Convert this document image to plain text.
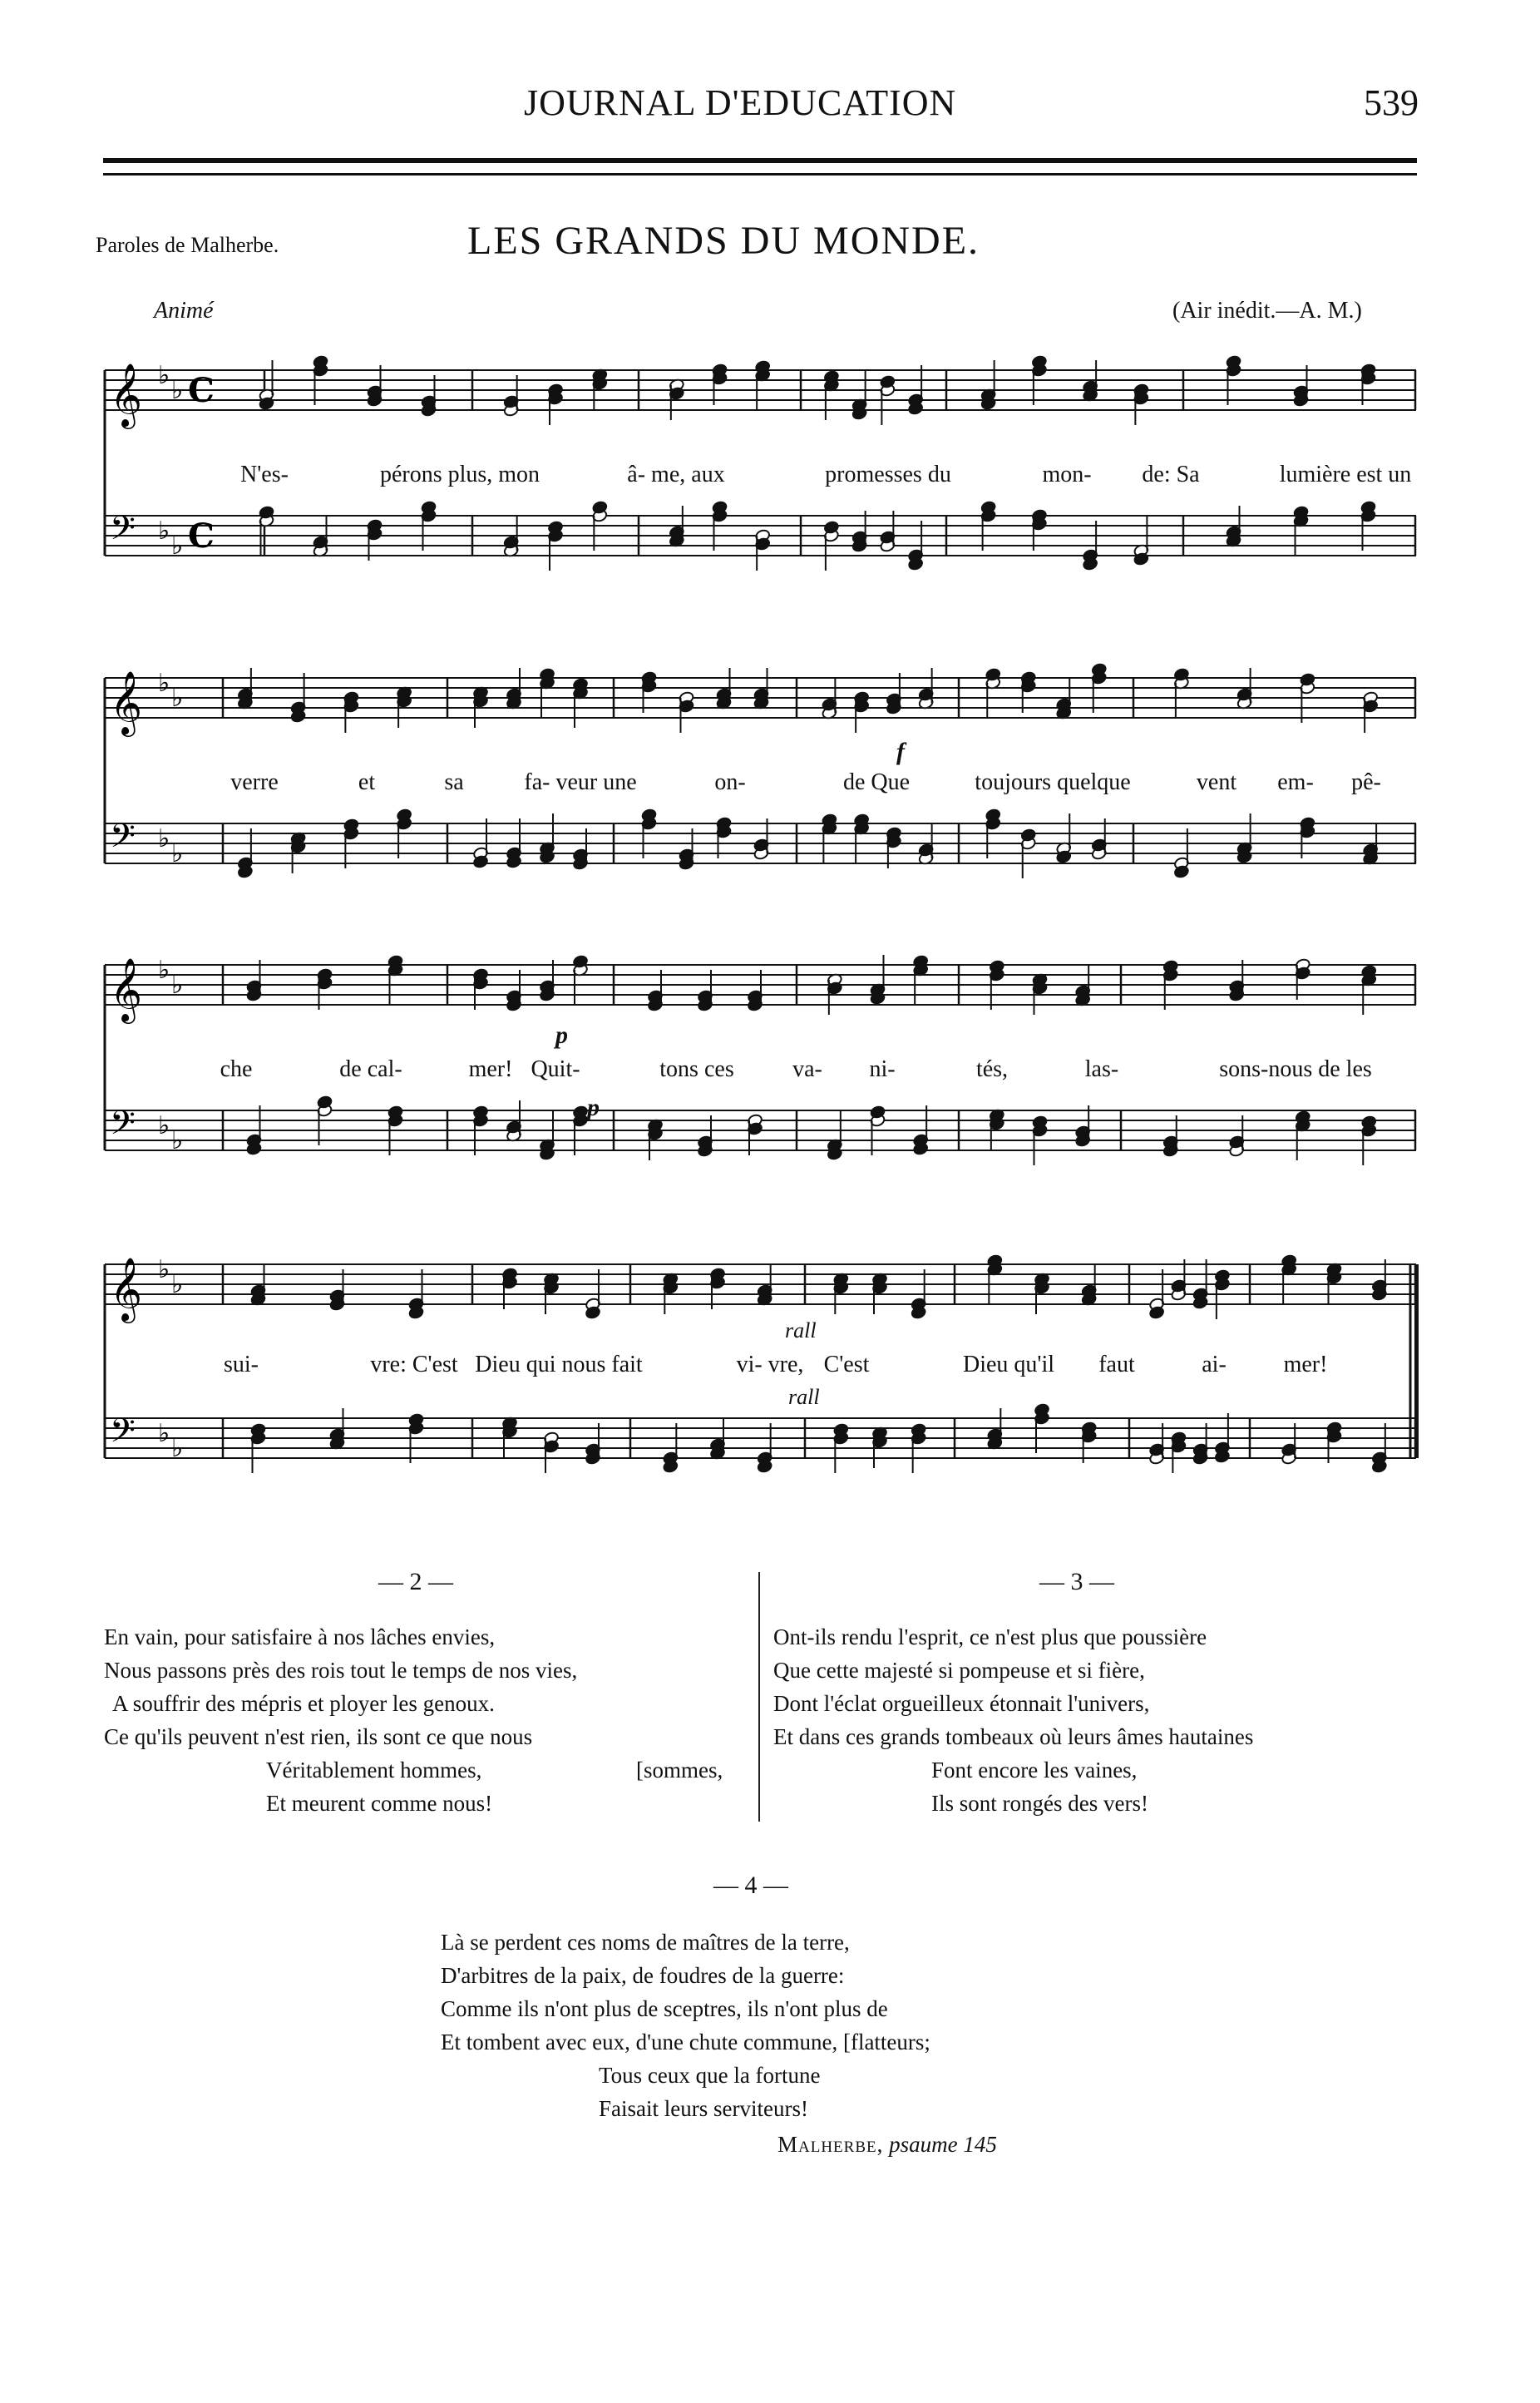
JOURNAL D'EDUCATION	539
Paroles de Malherbe.	LES GRANDS DU MONDE.
Animé	(Air inédit.—A. M.)
𝄞 ♭
♭ C
𝄢 ♭
♭ C
N'es-	pérons plus, mon	â- me, aux	promesses du	mon- de: Sa	lumière est un
𝄞 ♭
♭
𝄢 ♭
♭
verre	et	sa	fa- veur une	on-	de Que	toujours quelque	vent em- pê-
f
𝄞 ♭
♭
𝄢 ♭
♭
che	de cal-	mer! Quit-	tons ces	va- ni-	tés,	las-	sons-nous de les
p
p
𝄞 ♭
♭
𝄢 ♭
♭
sui-	vre: C'est Dieu qui nous fait	vi- vre, C'est	Dieu qu'il faut	ai- mer!
rall
rall
— 2 —	— 3 —
En vain, pour satisfaire à nos lâches envies,
Nous passons près des rois tout le temps de nos vies,
A souffrir des mépris et ployer les genoux.
Ce qu'ils peuvent n'est rien, ils sont ce que nous
Véritablement hommes,	[sommes,
Et meurent comme nous!
Ont-ils rendu l'esprit, ce n'est plus que poussière
Que cette majesté si pompeuse et si fière,
Dont l'éclat orgueilleux étonnait l'univers,
Et dans ces grands tombeaux où leurs âmes hautaines
Font encore les vaines,
Ils sont rongés des vers!
— 4 —
Là se perdent ces noms de maîtres de la terre,
D'arbitres de la paix, de foudres de la guerre:
Comme ils n'ont plus de sceptres, ils n'ont plus de
Et tombent avec eux, d'une chute commune, [flatteurs;
Tous ceux que la fortune
Faisait leurs serviteurs!
Malherbe, psaume 145
